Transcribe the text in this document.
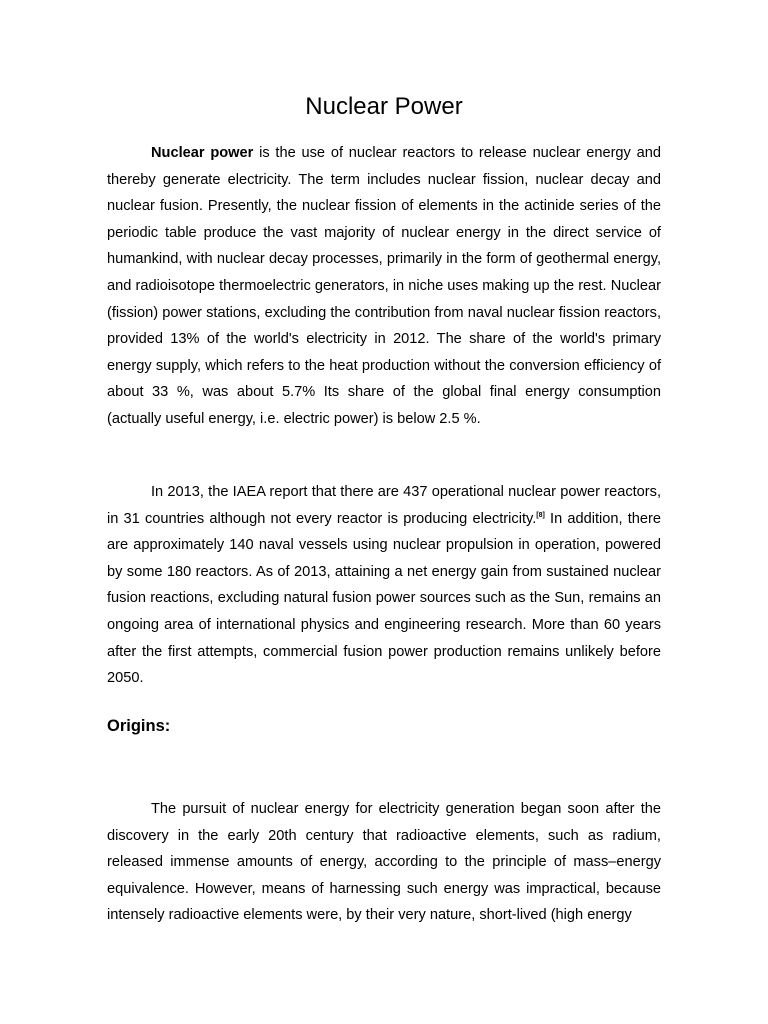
Nuclear Power

Nuclear power is the use of nuclear reactors to release nuclear energy and thereby generate electricity. The term includes nuclear fission, nuclear decay and nuclear fusion. Presently, the nuclear fission of elements in the actinide series of the periodic table produce the vast majority of nuclear energy in the direct service of humankind, with nuclear decay processes, primarily in the form of geothermal energy, and radioisotope thermoelectric generators, in niche uses making up the rest. Nuclear (fission) power stations, excluding the contribution from naval nuclear fission reactors, provided 13% of the world's electricity in 2012. The share of the world's primary energy supply, which refers to the heat production without the conversion efficiency of about 33 %, was about 5.7% Its share of the global final energy consumption (actually useful energy, i.e. electric power) is below 2.5 %.

In 2013, the IAEA report that there are 437 operational nuclear power reactors, in 31 countries although not every reactor is producing electricity.[8] In addition, there are approximately 140 naval vessels using nuclear propulsion in operation, powered by some 180 reactors. As of 2013, attaining a net energy gain from sustained nuclear fusion reactions, excluding natural fusion power sources such as the Sun, remains an ongoing area of international physics and engineering research. More than 60 years after the first attempts, commercial fusion power production remains unlikely before 2050.

Origins:

The pursuit of nuclear energy for electricity generation began soon after the discovery in the early 20th century that radioactive elements, such as radium, released immense amounts of energy, according to the principle of mass–energy equivalence. However, means of harnessing such energy was impractical, because intensely radioactive elements were, by their very nature, short-lived (high energy
